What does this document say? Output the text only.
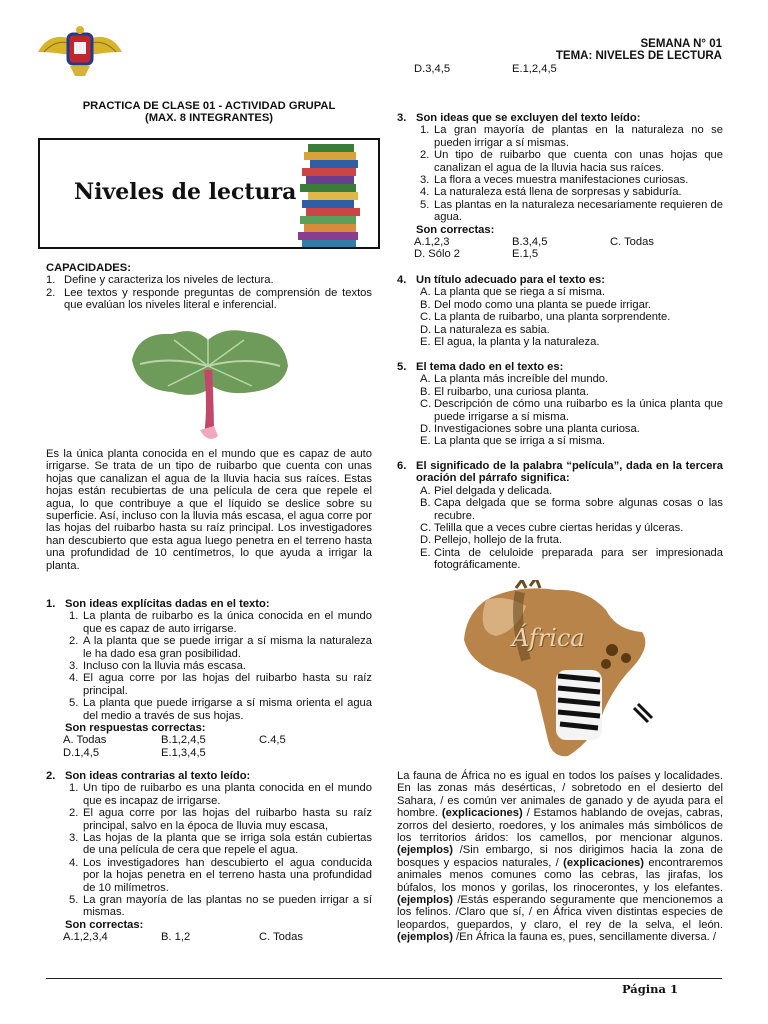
SEMANA N° 01
TEMA: NIVELES DE LECTURA
D.3,4,5	E.1,2,4,5
PRACTICA DE CLASE 01 - ACTIVIDAD GRUPAL
(MAX. 8 INTEGRANTES)
Niveles de lectura
CAPACIDADES:
1. Define y caracteriza los niveles de lectura.
2. Lee textos y responde preguntas de comprensión de textos que evalúan los niveles literal e inferencial.
Es la única planta conocida en el mundo que es capaz de auto irrigarse. Se trata de un tipo de ruibarbo que cuenta con unas hojas que canalizan el agua de la lluvia hacia sus raíces. Estas hojas están recubiertas de una película de cera que repele el agua, lo que contribuye a que el líquido se deslice sobre su superficie. Así, incluso con la lluvia más escasa, el agua corre por las hojas del ruibarbo hasta su raíz principal. Los investigadores han descubierto que esta agua luego penetra en el terreno hasta una profundidad de 10 centímetros, lo que ayuda a irrigar la planta.
1. Son ideas explícitas dadas en el texto:
1. La planta de ruibarbo es la única conocida en el mundo que es capaz de auto irrigarse.
2. A la planta que se puede irrigar a sí misma la naturaleza le ha dado esa gran posibilidad.
3. Incluso con la lluvia más escasa.
4. El agua corre por las hojas del ruibarbo hasta su raíz principal.
5. La planta que puede irrigarse a sí misma orienta el agua del medio a través de sus hojas.
Son respuestas correctas:
A. Todas	B.1,2,4,5	C.4,5
D.1,4,5	E.1,3,4,5
2. Son ideas contrarias al texto leído:
1. Un tipo de ruibarbo es una planta conocida en el mundo que es incapaz de irrigarse.
2. El agua corre por las hojas del ruibarbo hasta su raíz principal, salvo en la época de lluvia muy escasa,
3. Las hojas de la planta que se irriga sola están cubiertas de una película de cera que repele el agua.
4. Los investigadores han descubierto el agua conducida por la hojas penetra en el terreno hasta una profundidad de 10 milímetros.
5. La gran mayoría de las plantas no se pueden irrigar a sí mismas.
Son correctas:
A.1,2,3,4	B. 1,2	C. Todas
3. Son ideas que se excluyen del texto leído:
1. La gran mayoría de plantas en la naturaleza no se pueden irrigar a sí mismas.
2. Un tipo de ruibarbo que cuenta con unas hojas que canalizan el agua de la lluvia hacia sus raíces.
3. La flora a veces muestra manifestaciones curiosas.
4. La naturaleza está llena de sorpresas y sabiduría.
5. Las plantas en la naturaleza necesariamente requieren de agua.
Son correctas:
A.1,2,3	B.3,4,5	C. Todas
D. Sólo 2	E.1,5
4. Un título adecuado para el texto es:
A. La planta que se riega a sí misma.
B. Del modo como una planta se puede irrigar.
C. La planta de ruibarbo, una planta sorprendente.
D. La naturaleza es sabia.
E. El agua, la planta y la naturaleza.
5. El tema dado en el texto es:
A. La planta más increíble del mundo.
B. El ruibarbo, una curiosa planta.
C. Descripción de cómo una ruibarbo es la única planta que puede irrigarse a sí misma.
D. Investigaciones sobre una planta curiosa.
E. La planta que se irriga a sí misma.
6. El significado de la palabra “película”, dada en la tercera oración del párrafo significa:
A. Piel delgada y delicada.
B. Capa delgada que se forma sobre algunas cosas o las recubre.
C. Telilla que a veces cubre ciertas heridas y úlceras.
D. Pellejo, hollejo de la fruta.
E. Cinta de celuloide preparada para ser impresionada fotográficamente.
África
La fauna de África no es igual en todos los países y localidades. En las zonas más desérticas, / sobretodo en el desierto del Sahara, / es común ver animales de ganado y de ayuda para el hombre. (explicaciones) / Estamos hablando de ovejas, cabras, zorros del desierto, roedores, y los animales más simbólicos de los territorios áridos: los camellos, por mencionar algunos. (ejemplos) /Sin embargo, si nos dirigimos hacia la zona de bosques y espacios naturales, / (explicaciones) encontraremos animales menos comunes como las cebras, las jirafas, los búfalos, los monos y gorilas, los rinocerontes, y los elefantes. (ejemplos) /Estás esperando seguramente que mencionemos a los felinos. /Claro que sí, / en África viven distintas especies de leopardos, guepardos, y claro, el rey de la selva, el león. (ejemplos) /En África la fauna es, pues, sencillamente diversa. /
Página 1
